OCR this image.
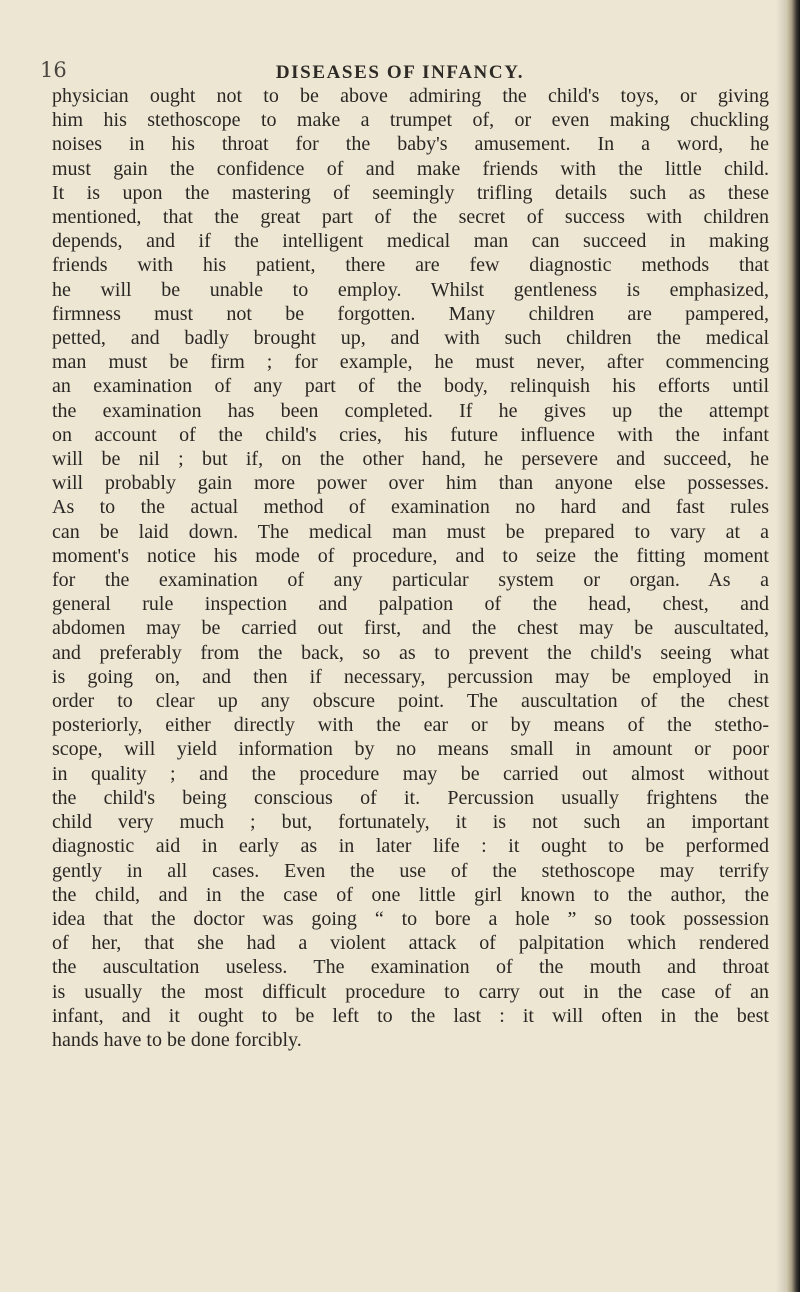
16	DISEASES OF INFANCY.
physician ought not to be above admiring the child's toys, or giving
him his stethoscope to make a trumpet of, or even making chuckling
noises in his throat for the baby's amusement. In a word, he
must gain the confidence of and make friends with the little child.
It is upon the mastering of seemingly trifling details such as these
mentioned, that the great part of the secret of success with children
depends, and if the intelligent medical man can succeed in making
friends with his patient, there are few diagnostic methods that
he will be unable to employ. Whilst gentleness is emphasized,
firmness must not be forgotten. Many children are pampered,
petted, and badly brought up, and with such children the medical
man must be firm ; for example, he must never, after commencing
an examination of any part of the body, relinquish his efforts until
the examination has been completed. If he gives up the attempt
on account of the child's cries, his future influence with the infant
will be nil ; but if, on the other hand, he persevere and succeed, he
will probably gain more power over him than anyone else possesses.
As to the actual method of examination no hard and fast rules
can be laid down. The medical man must be prepared to vary at a
moment's notice his mode of procedure, and to seize the fitting moment
for the examination of any particular system or organ. As a
general rule inspection and palpation of the head, chest, and
abdomen may be carried out first, and the chest may be auscultated,
and preferably from the back, so as to prevent the child's seeing what
is going on, and then if necessary, percussion may be employed in
order to clear up any obscure point. The auscultation of the chest
posteriorly, either directly with the ear or by means of the stetho-
scope, will yield information by no means small in amount or poor
in quality ; and the procedure may be carried out almost without
the child's being conscious of it. Percussion usually frightens the
child very much ; but, fortunately, it is not such an important
diagnostic aid in early as in later life : it ought to be performed
gently in all cases. Even the use of the stethoscope may terrify
the child, and in the case of one little girl known to the author, the
idea that the doctor was going “ to bore a hole ” so took possession
of her, that she had a violent attack of palpitation which rendered
the auscultation useless. The examination of the mouth and throat
is usually the most difficult procedure to carry out in the case of an
infant, and it ought to be left to the last : it will often in the best
hands have to be done forcibly.
